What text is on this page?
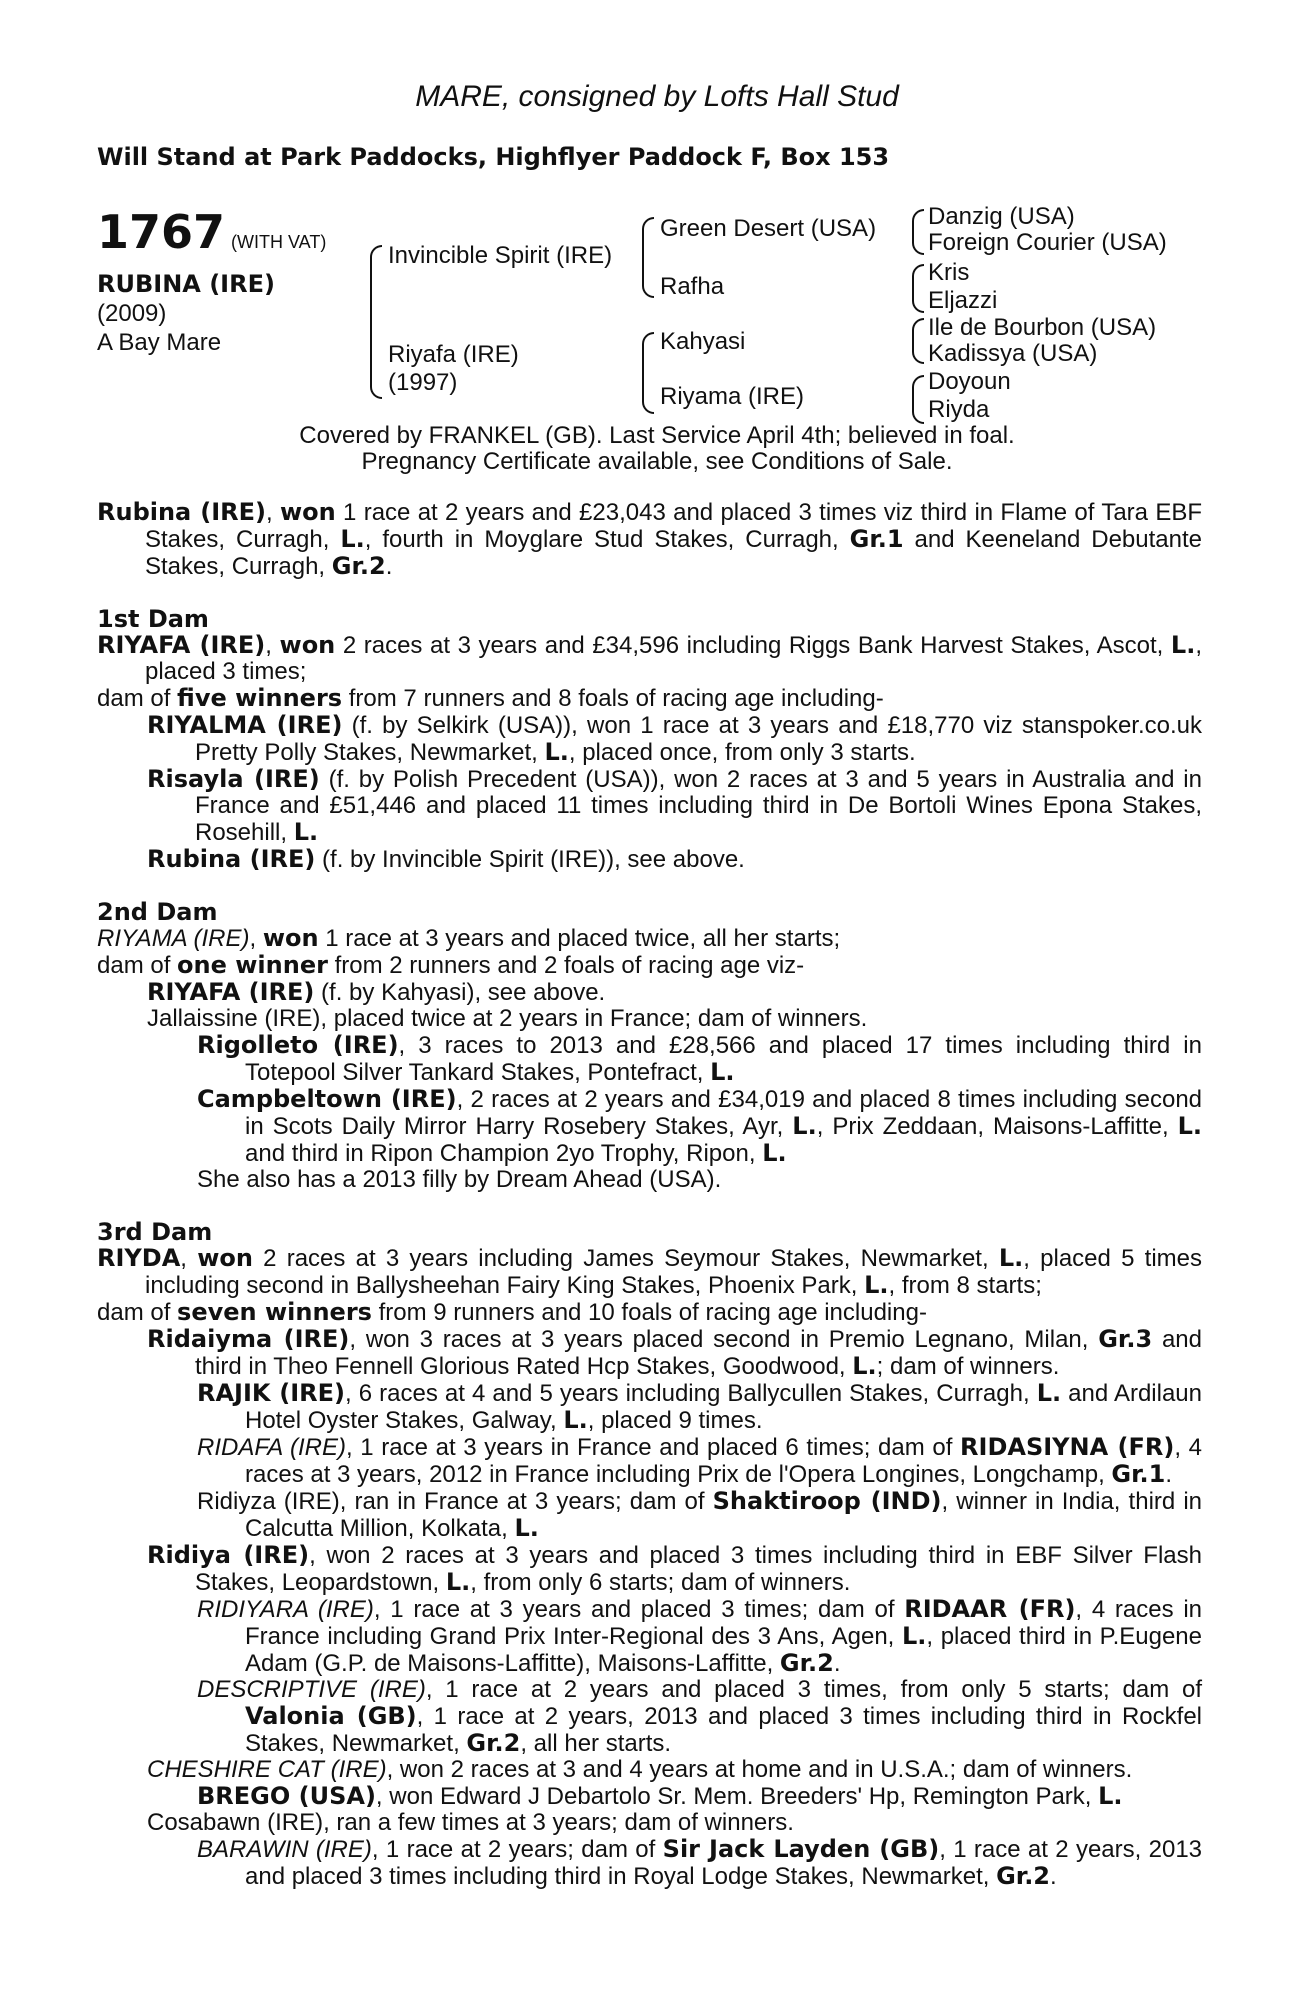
MARE, consigned by Lofts Hall Stud
Will Stand at Park Paddocks, Highflyer Paddock F, Box 153
1767 (WITH VAT)
RUBINA (IRE)
(2009)
A Bay Mare
Invincible Spirit (IRE)
Riyafa (IRE)
(1997)
Green Desert (USA)
Rafha
Kahyasi
Riyama (IRE)
Danzig (USA)
Foreign Courier (USA)
Kris
Eljazzi
Ile de Bourbon (USA)
Kadissya (USA)
Doyoun
Riyda
Covered by FRANKEL (GB). Last Service April 4th; believed in foal.
Pregnancy Certificate available, see Conditions of Sale.

Rubina (IRE), won 1 race at 2 years and £23,043 and placed 3 times viz third in Flame of Tara EBF Stakes, Curragh, L., fourth in Moyglare Stud Stakes, Curragh, Gr.1 and Keeneland Debutante Stakes, Curragh, Gr.2.

1st Dam

RIYAFA (IRE), won 2 races at 3 years and £34,596 including Riggs Bank Harvest Stakes, Ascot, L., placed 3 times;

dam of five winners from 7 runners and 8 foals of racing age including-

RIYALMA (IRE) (f. by Selkirk (USA)), won 1 race at 3 years and £18,770 viz stanspoker.co.uk Pretty Polly Stakes, Newmarket, L., placed once, from only 3 starts.

Risayla (IRE) (f. by Polish Precedent (USA)), won 2 races at 3 and 5 years in Australia and in France and £51,446 and placed 11 times including third in De Bortoli Wines Epona Stakes, Rosehill, L.

Rubina (IRE) (f. by Invincible Spirit (IRE)), see above.

2nd Dam

RIYAMA (IRE), won 1 race at 3 years and placed twice, all her starts;

dam of one winner from 2 runners and 2 foals of racing age viz-

RIYAFA (IRE) (f. by Kahyasi), see above.

Jallaissine (IRE), placed twice at 2 years in France; dam of winners.

Rigolleto (IRE), 3 races to 2013 and £28,566 and placed 17 times including third in Totepool Silver Tankard Stakes, Pontefract, L.

Campbeltown (IRE), 2 races at 2 years and £34,019 and placed 8 times including second in Scots Daily Mirror Harry Rosebery Stakes, Ayr, L., Prix Zeddaan, Maisons-Laffitte, L. and third in Ripon Champion 2yo Trophy, Ripon, L.

She also has a 2013 filly by Dream Ahead (USA).

3rd Dam

RIYDA, won 2 races at 3 years including James Seymour Stakes, Newmarket, L., placed 5 times including second in Ballysheehan Fairy King Stakes, Phoenix Park, L., from 8 starts;

dam of seven winners from 9 runners and 10 foals of racing age including-

Ridaiyma (IRE), won 3 races at 3 years placed second in Premio Legnano, Milan, Gr.3 and third in Theo Fennell Glorious Rated Hcp Stakes, Goodwood, L.; dam of winners.

RAJIK (IRE), 6 races at 4 and 5 years including Ballycullen Stakes, Curragh, L. and Ardilaun Hotel Oyster Stakes, Galway, L., placed 9 times.

RIDAFA (IRE), 1 race at 3 years in France and placed 6 times; dam of RIDASIYNA (FR), 4 races at 3 years, 2012 in France including Prix de l'Opera Longines, Longchamp, Gr.1.

Ridiyza (IRE), ran in France at 3 years; dam of Shaktiroop (IND), winner in India, third in Calcutta Million, Kolkata, L.

Ridiya (IRE), won 2 races at 3 years and placed 3 times including third in EBF Silver Flash Stakes, Leopardstown, L., from only 6 starts; dam of winners.

RIDIYARA (IRE), 1 race at 3 years and placed 3 times; dam of RIDAAR (FR), 4 races in France including Grand Prix Inter-Regional des 3 Ans, Agen, L., placed third in P.Eugene Adam (G.P. de Maisons-Laffitte), Maisons-Laffitte, Gr.2.

DESCRIPTIVE (IRE), 1 race at 2 years and placed 3 times, from only 5 starts; dam of Valonia (GB), 1 race at 2 years, 2013 and placed 3 times including third in Rockfel Stakes, Newmarket, Gr.2, all her starts.

CHESHIRE CAT (IRE), won 2 races at 3 and 4 years at home and in U.S.A.; dam of winners.

BREGO (USA), won Edward J Debartolo Sr. Mem. Breeders' Hp, Remington Park, L.

Cosabawn (IRE), ran a few times at 3 years; dam of winners.

BARAWIN (IRE), 1 race at 2 years; dam of Sir Jack Layden (GB), 1 race at 2 years, 2013 and placed 3 times including third in Royal Lodge Stakes, Newmarket, Gr.2.
